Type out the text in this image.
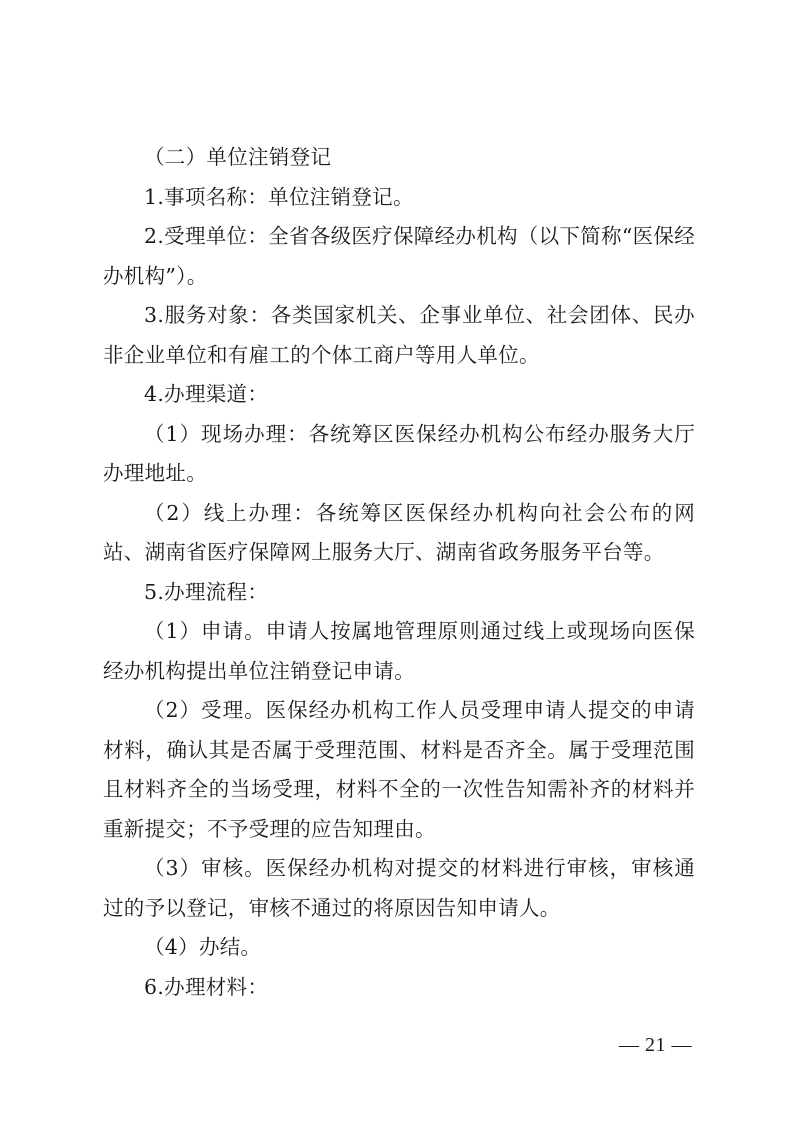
（二）单位注销登记

1.事项名称：单位注销登记。

2.受理单位：全省各级医疗保障经办机构（以下简称“医保经办机构”）。

3.服务对象：各类国家机关、企事业单位、社会团体、民办非企业单位和有雇工的个体工商户等用人单位。

4.办理渠道：

（1）现场办理：各统筹区医保经办机构公布经办服务大厅办理地址。

（2）线上办理：各统筹区医保经办机构向社会公布的网站、湖南省医疗保障网上服务大厅、湖南省政务服务平台等。

5.办理流程：

（1）申请。申请人按属地管理原则通过线上或现场向医保经办机构提出单位注销登记申请。

（2）受理。医保经办机构工作人员受理申请人提交的申请材料，确认其是否属于受理范围、材料是否齐全。属于受理范围且材料齐全的当场受理，材料不全的一次性告知需补齐的材料并重新提交；不予受理的应告知理由。

（3）审核。医保经办机构对提交的材料进行审核，审核通过的予以登记，审核不通过的将原因告知申请人。

（4）办结。

6.办理材料：

— 21 —
